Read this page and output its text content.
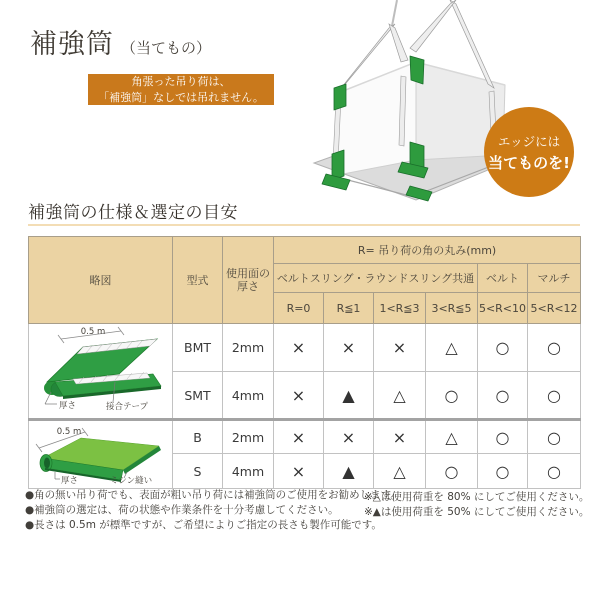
補強筒 （当てもの）
角張った吊り荷は、
「補強筒」なしでは吊れません。
エッジには
当てものを!
補強筒の仕様＆選定の目安
略図	型式	使用面の
厚さ	R= 吊り荷の角の丸み(mm)					
			ベルトスリング・ラウンドスリング共通				ベルト	マルチ
			R=0	R≦1	1<R≦3	3<R≦5	5<R<10	5<R<12

0.5 m
厚さ 接合テープ	BMT	2mm	×	×	×	△	○	○
	SMT	4mm	×	▲	△	○	○	○

0.5 m
厚さ ミシン縫い	B	2mm	×	×	×	△	○	○
	S	4mm	×	▲	△	○	○	○

●角の無い吊り荷でも、表面が粗い吊り荷には補強筒のご使用をお勧めします。

●補強筒の選定は、荷の状態や作業条件を十分考慮してください。

●長さは 0.5m が標準ですが、ご希望によりご指定の長さも製作可能です。

※△は使用荷重を 80% にしてご使用ください。

※▲は使用荷重を 50% にしてご使用ください。
